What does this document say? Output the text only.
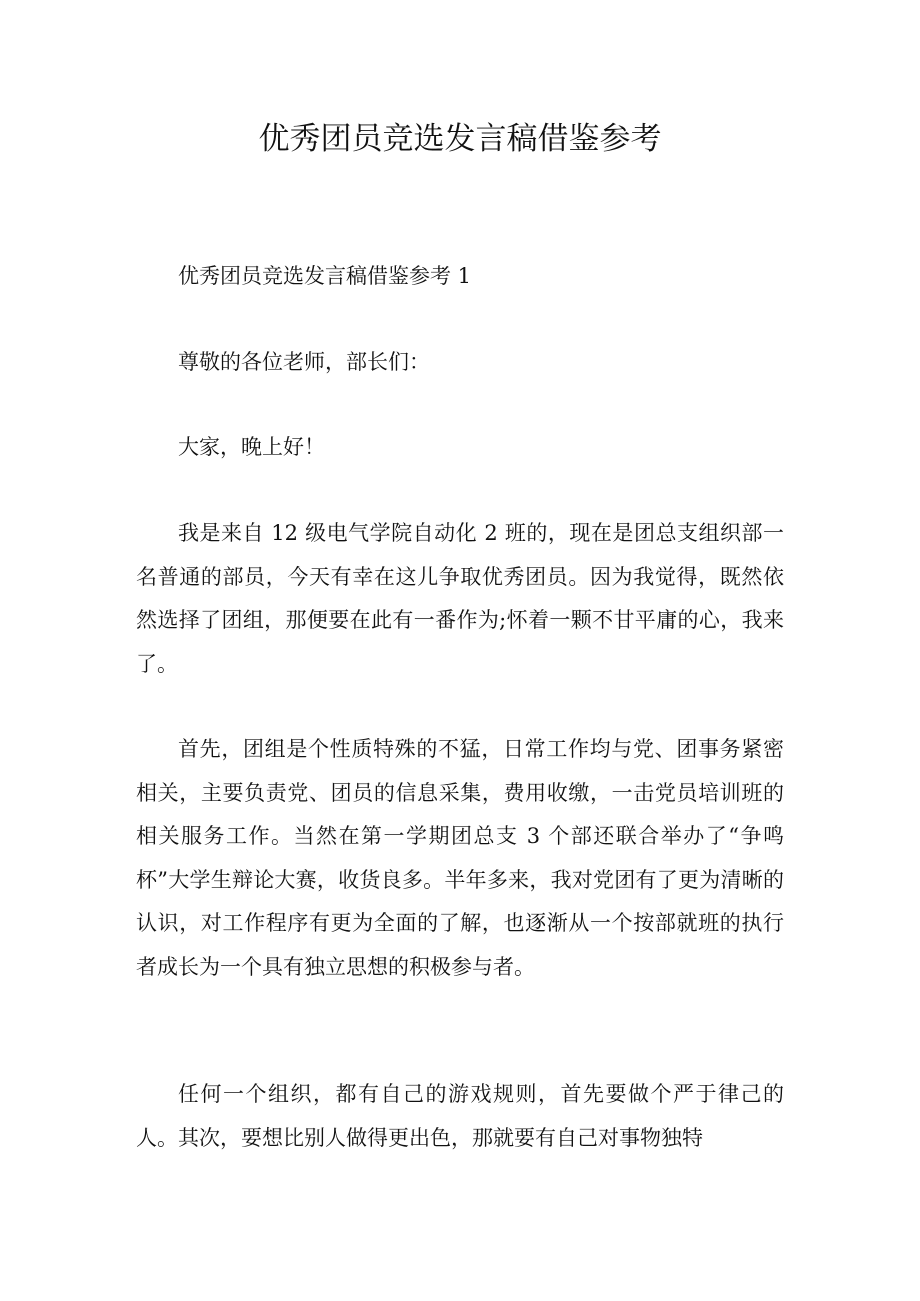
优秀团员竞选发言稿借鉴参考
优秀团员竞选发言稿借鉴参考 1
尊敬的各位老师，部长们：
大家，晚上好！
我是来自 12 级电气学院自动化 2 班的，现在是团总支组织部一名普通的部员，今天有幸在这儿争取优秀团员。因为我觉得，既然依然选择了团组，那便要在此有一番作为;怀着一颗不甘平庸的心，我来了。
首先，团组是个性质特殊的不猛，日常工作均与党、团事务紧密相关，主要负责党、团员的信息采集，费用收缴，一击党员培训班的相关服务工作。当然在第一学期团总支 3 个部还联合举办了“争鸣杯”大学生辩论大赛，收货良多。半年多来，我对党团有了更为清晰的认识，对工作程序有更为全面的了解，也逐渐从一个按部就班的执行者成长为一个具有独立思想的积极参与者。
任何一个组织，都有自己的游戏规则，首先要做个严于律己的人。其次，要想比别人做得更出色，那就要有自己对事物独特
